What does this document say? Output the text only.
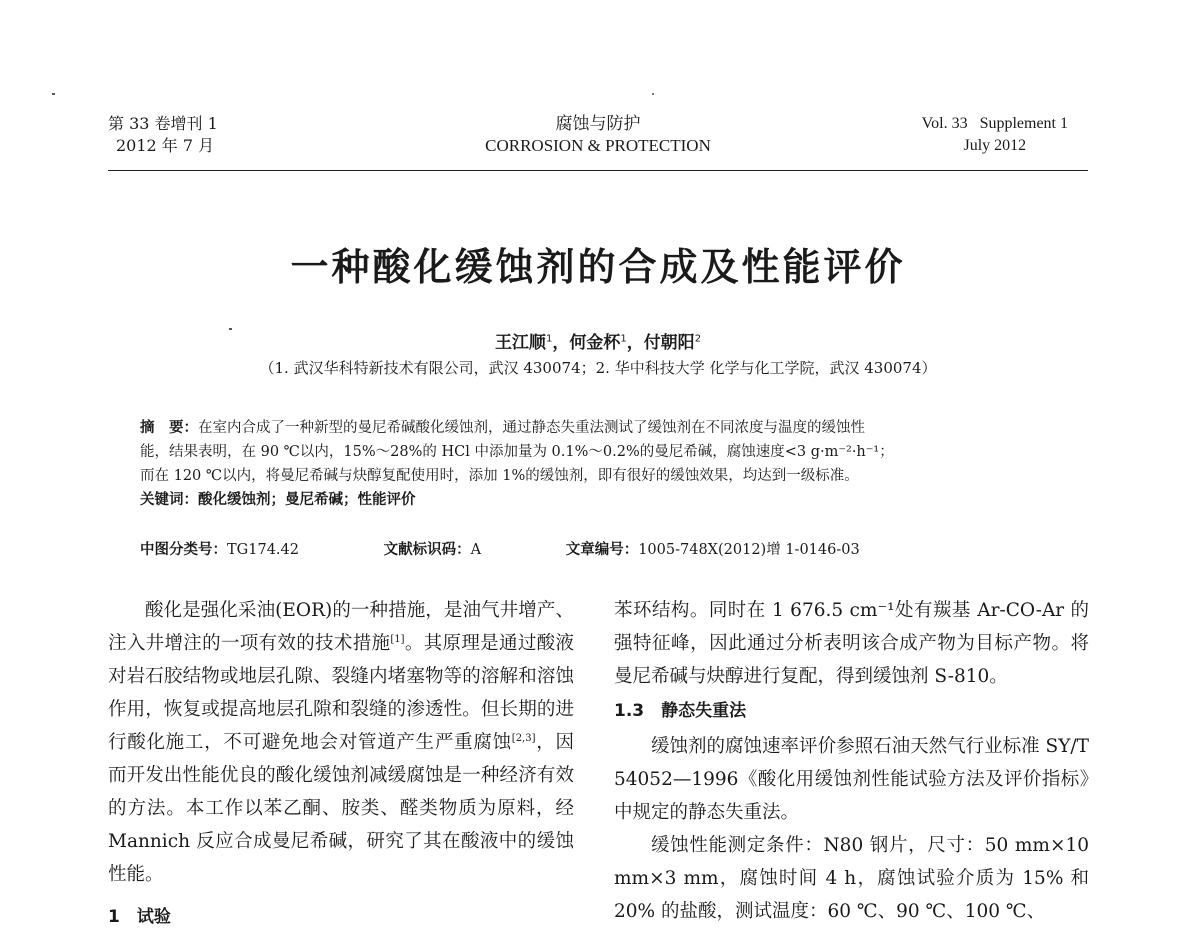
第 33 卷增刊 1
2012 年 7 月
腐蚀与防护
CORROSION & PROTECTION
Vol. 33   Supplement 1
July 2012
一种酸化缓蚀剂的合成及性能评价
王江顺$^1$，何金杯$^1$，付朝阳$^2$
（1. 武汉华科特新技术有限公司，武汉 430074；2. 华中科技大学 化学与化工学院，武汉 430074）
摘　要：在室内合成了一种新型的曼尼希碱酸化缓蚀剂，通过静态失重法测试了缓蚀剂在不同浓度与温度的缓蚀性
能，结果表明，在 90 ℃以内，15%～28%的 HCl 中添加量为 0.1%～0.2%的曼尼希碱，腐蚀速度<3 g·m⁻²·h⁻¹；
而在 120 ℃以内，将曼尼希碱与炔醇复配使用时，添加 1%的缓蚀剂，即有很好的缓蚀效果，均达到一级标准。
关键词：酸化缓蚀剂；曼尼希碱；性能评价
中图分类号：TG174.42	文献标识码：A	文章编号：1005-748X(2012)增 1-0146-03

酸化是强化采油(EOR)的一种措施，是油气井增产、注入井增注的一项有效的技术措施[1]。其原理是通过酸液对岩石胶结物或地层孔隙、裂缝内堵塞物等的溶解和溶蚀作用，恢复或提高地层孔隙和裂缝的渗透性。但长期的进行酸化施工，不可避免地会对管道产生严重腐蚀[2,3]，因而开发出性能优良的酸化缓蚀剂减缓腐蚀是一种经济有效的方法。本工作以苯乙酮、胺类、醛类物质为原料，经 Mannich 反应合成曼尼希碱，研究了其在酸液中的缓蚀性能。

1　试验

苯环结构。同时在 1 676.5 cm⁻¹处有羰基 Ar-CO-Ar 的强特征峰，因此通过分析表明该合成产物为目标产物。将曼尼希碱与炔醇进行复配，得到缓蚀剂 S-810。

1.3　静态失重法

缓蚀剂的腐蚀速率评价参照石油天然气行业标准 SY/T 54052—1996《酸化用缓蚀剂性能试验方法及评价指标》中规定的静态失重法。

缓蚀性能测定条件：N80 钢片，尺寸：50 mm×10 mm×3 mm，腐蚀时间 4 h，腐蚀试验介质为 15% 和 20% 的盐酸，测试温度：60 ℃、90 ℃、100 ℃、
